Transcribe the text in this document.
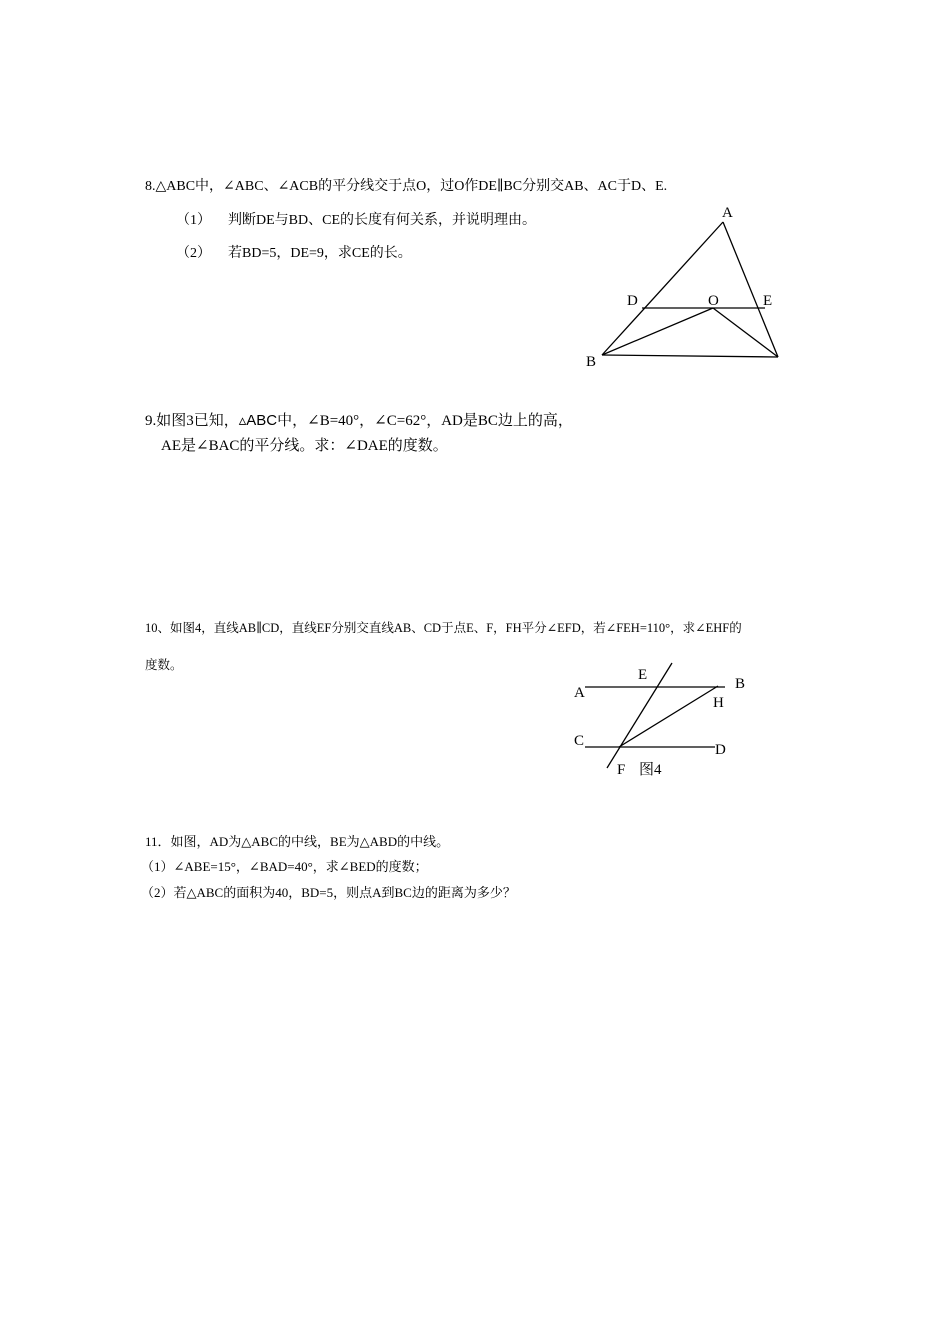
8.△ABC中，∠ABC、∠ACB的平分线交于点O，过O作DE∥BC分别交AB、AC于D、E.
（1） 判断DE与BD、CE的长度有何关系，并说明理由。
（2） 若BD=5，DE=9，求CE的长。
A
B
D	O	E
9.如图3已知，▵ABC中，∠B=40°，∠C=62°，AD是BC边上的高，
AE是∠BAC的平分线。求：∠DAE的度数。
10、如图4，直线AB∥CD，直线EF分别交直线AB、CD于点E、F，FH平分∠EFD，若∠FEH=110°，求∠EHF的
度数。
E
A
B
H
C
D
F 图4
11．如图，AD为△ABC的中线，BE为△ABD的中线。
（1）∠ABE=15°，∠BAD=40°，求∠BED的度数；
（2）若△ABC的面积为40，BD=5，则点A到BC边的距离为多少？
